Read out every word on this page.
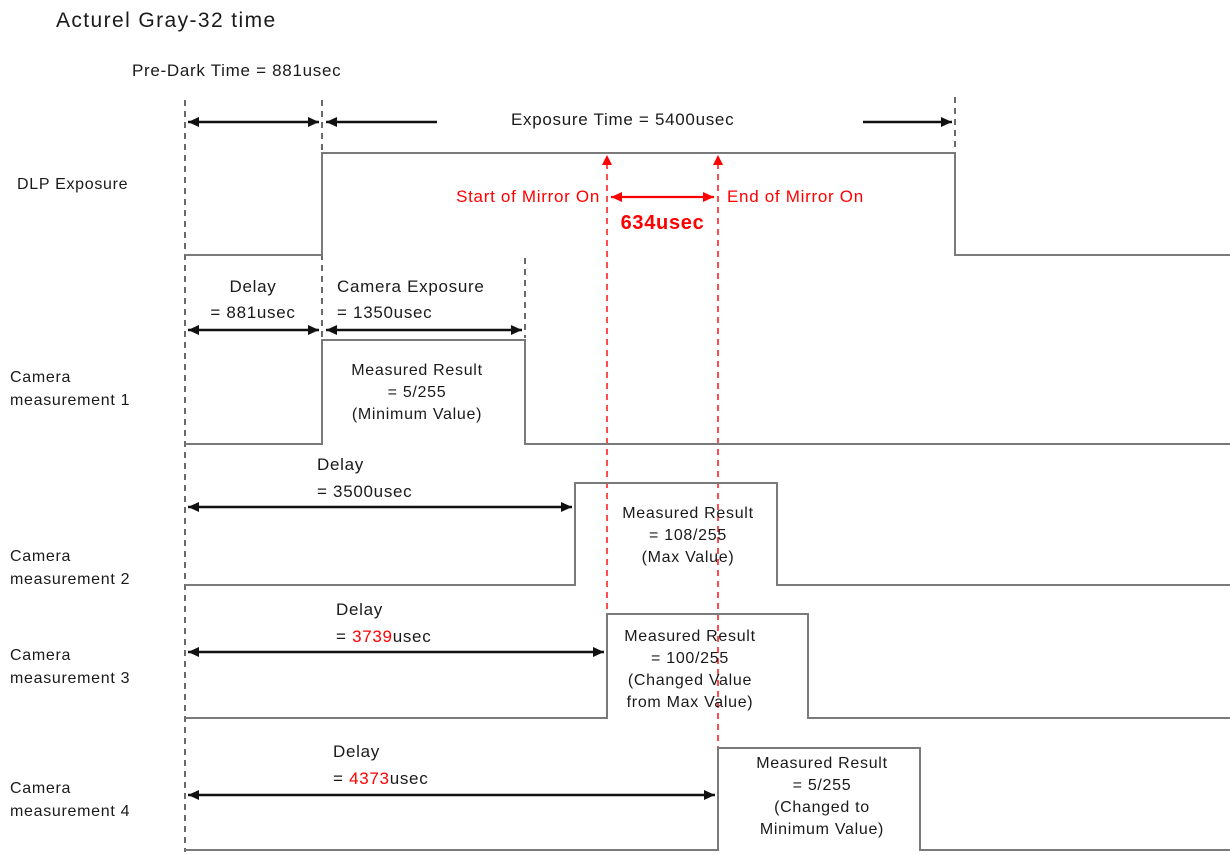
Acturel Gray-32 time
Pre-Dark Time = 881usec
Exposure Time = 5400usec
Start of Mirror On	End of Mirror On
634usec
DLP Exposure
Camera
measurement 1
Camera
measurement 2
Camera
measurement 3
Camera
measurement 4
Delay
= 881usec
Camera Exposure
= 1350usec
Measured Result
= 5/255
(Minimum Value)
Delay
= 3500usec
Measured Result
= 108/255
(Max Value)
Delay
= 3739usec	Measured Result
= 100/255
(Changed Value
from Max Value)
Delay
= 4373usec
Measured Result
= 5/255
(Changed to
Minimum Value)
